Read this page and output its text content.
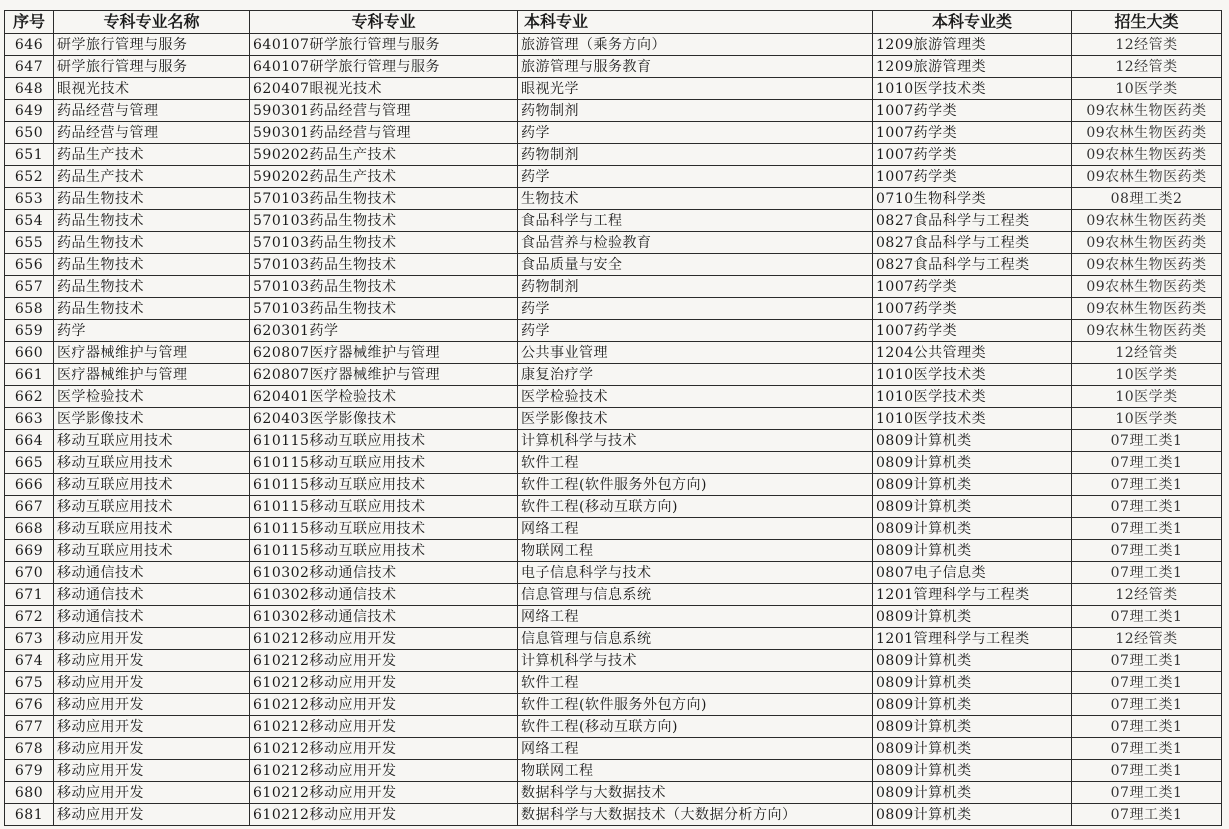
序号	专科专业名称	专科专业	本科专业	本科专业类	招生大类
646	研学旅行管理与服务	640107研学旅行管理与服务	旅游管理（乘务方向）	1209旅游管理类	12经管类
647	研学旅行管理与服务	640107研学旅行管理与服务	旅游管理与服务教育	1209旅游管理类	12经管类
648	眼视光技术	620407眼视光技术	眼视光学	1010医学技术类	10医学类
649	药品经营与管理	590301药品经营与管理	药物制剂	1007药学类	09农林生物医药类
650	药品经营与管理	590301药品经营与管理	药学	1007药学类	09农林生物医药类
651	药品生产技术	590202药品生产技术	药物制剂	1007药学类	09农林生物医药类
652	药品生产技术	590202药品生产技术	药学	1007药学类	09农林生物医药类
653	药品生物技术	570103药品生物技术	生物技术	0710生物科学类	08理工类2
654	药品生物技术	570103药品生物技术	食品科学与工程	0827食品科学与工程类	09农林生物医药类
655	药品生物技术	570103药品生物技术	食品营养与检验教育	0827食品科学与工程类	09农林生物医药类
656	药品生物技术	570103药品生物技术	食品质量与安全	0827食品科学与工程类	09农林生物医药类
657	药品生物技术	570103药品生物技术	药物制剂	1007药学类	09农林生物医药类
658	药品生物技术	570103药品生物技术	药学	1007药学类	09农林生物医药类
659	药学	620301药学	药学	1007药学类	09农林生物医药类
660	医疗器械维护与管理	620807医疗器械维护与管理	公共事业管理	1204公共管理类	12经管类
661	医疗器械维护与管理	620807医疗器械维护与管理	康复治疗学	1010医学技术类	10医学类
662	医学检验技术	620401医学检验技术	医学检验技术	1010医学技术类	10医学类
663	医学影像技术	620403医学影像技术	医学影像技术	1010医学技术类	10医学类
664	移动互联应用技术	610115移动互联应用技术	计算机科学与技术	0809计算机类	07理工类1
665	移动互联应用技术	610115移动互联应用技术	软件工程	0809计算机类	07理工类1
666	移动互联应用技术	610115移动互联应用技术	软件工程(软件服务外包方向)	0809计算机类	07理工类1
667	移动互联应用技术	610115移动互联应用技术	软件工程(移动互联方向)	0809计算机类	07理工类1
668	移动互联应用技术	610115移动互联应用技术	网络工程	0809计算机类	07理工类1
669	移动互联应用技术	610115移动互联应用技术	物联网工程	0809计算机类	07理工类1
670	移动通信技术	610302移动通信技术	电子信息科学与技术	0807电子信息类	07理工类1
671	移动通信技术	610302移动通信技术	信息管理与信息系统	1201管理科学与工程类	12经管类
672	移动通信技术	610302移动通信技术	网络工程	0809计算机类	07理工类1
673	移动应用开发	610212移动应用开发	信息管理与信息系统	1201管理科学与工程类	12经管类
674	移动应用开发	610212移动应用开发	计算机科学与技术	0809计算机类	07理工类1
675	移动应用开发	610212移动应用开发	软件工程	0809计算机类	07理工类1
676	移动应用开发	610212移动应用开发	软件工程(软件服务外包方向)	0809计算机类	07理工类1
677	移动应用开发	610212移动应用开发	软件工程(移动互联方向)	0809计算机类	07理工类1
678	移动应用开发	610212移动应用开发	网络工程	0809计算机类	07理工类1
679	移动应用开发	610212移动应用开发	物联网工程	0809计算机类	07理工类1
680	移动应用开发	610212移动应用开发	数据科学与大数据技术	0809计算机类	07理工类1
681	移动应用开发	610212移动应用开发	数据科学与大数据技术（大数据分析方向）	0809计算机类	07理工类1
